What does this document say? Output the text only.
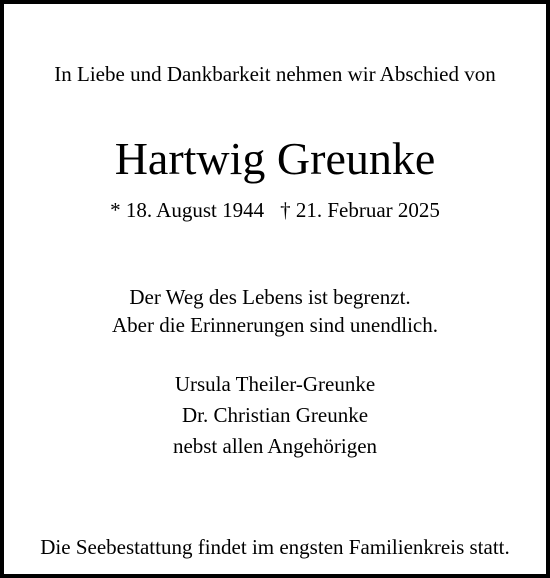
In Liebe und Dankbarkeit nehmen wir Abschied von
Hartwig Greunke
* 18. August 1944 † 21. Februar 2025
Der Weg des Lebens ist begrenzt.
Aber die Erinnerungen sind unendlich.
Ursula Theiler-Greunke
Dr. Christian Greunke
nebst allen Angehörigen
Die Seebestattung findet im engsten Familienkreis statt.
